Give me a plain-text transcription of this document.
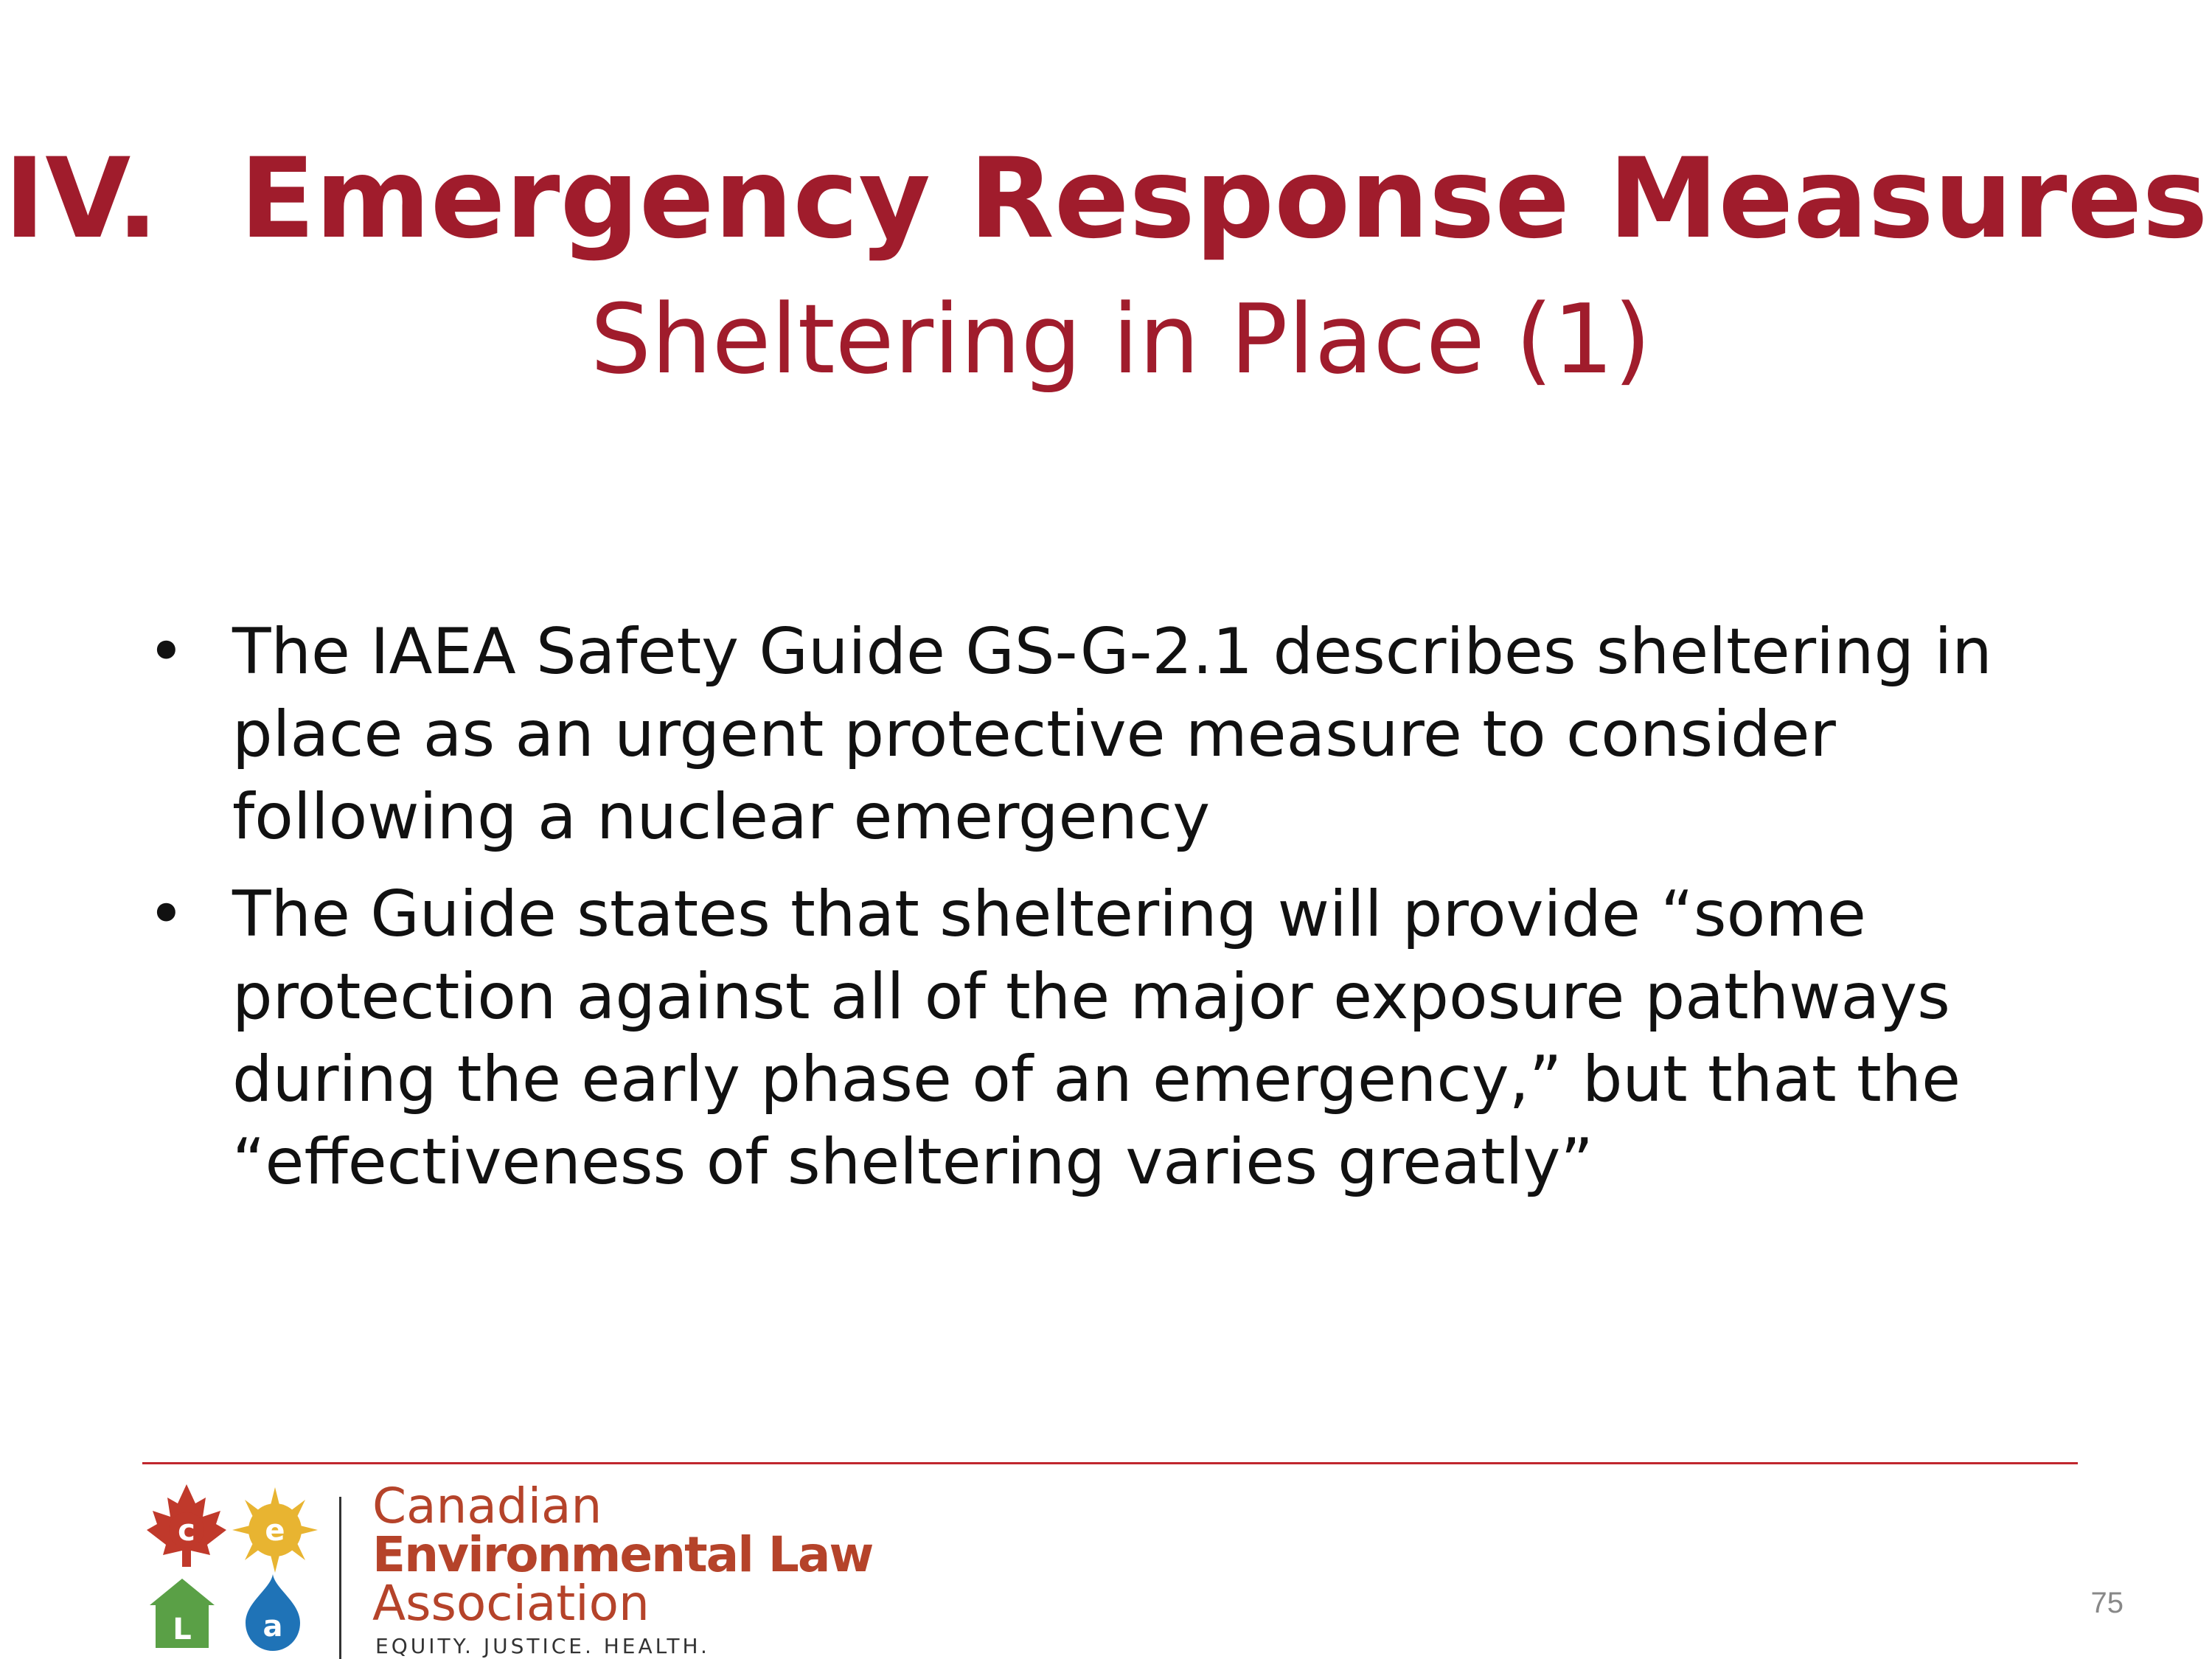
IV. Emergency Response Measures
Sheltering in Place (1)
• The IAEA Safety Guide GS-G-2.1 describes sheltering in place as an urgent protective measure to consider following a nuclear emergency
• The Guide states that sheltering will provide “some protection against all of the major exposure pathways during the early phase of an emergency,” but that the “effectiveness of sheltering varies greatly”
c e
L a
Canadian
Environmental Law
Association
EQUITY. JUSTICE. HEALTH.
75
